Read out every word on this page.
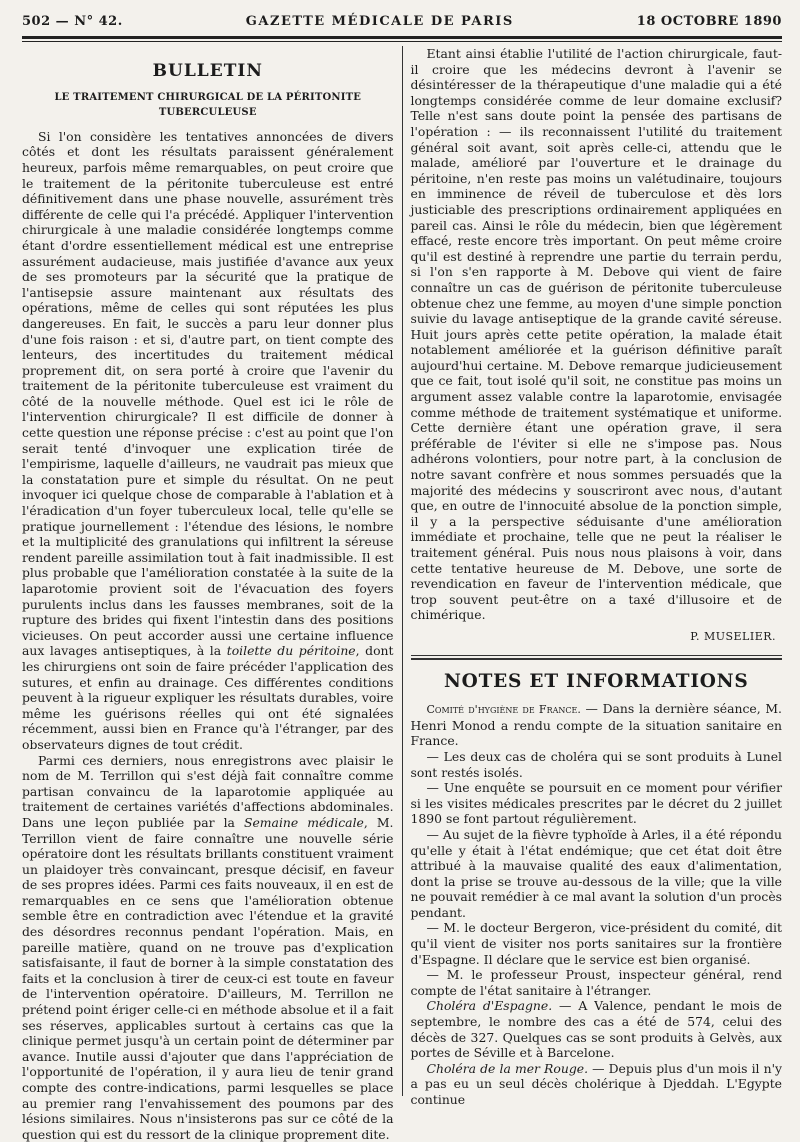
502 — N° 42.	GAZETTE MÉDICALE DE PARIS	18 OCTOBRE 1890
BULLETIN
LE TRAITEMENT CHIRURGICAL DE LA PÉRITONITE TUBERCULEUSE

Si l'on considère les tentatives annoncées de divers côtés et dont les résultats paraissent généralement heureux, parfois même remarquables, on peut croire que le traitement de la péritonite tuberculeuse est entré définitivement dans une phase nouvelle, assurément très différente de celle qui l'a précédé. Appliquer l'intervention chirurgicale à une maladie considérée longtemps comme étant d'ordre essentiellement médical est une entreprise assurément audacieuse, mais justifiée d'avance aux yeux de ses promoteurs par la sécurité que la pratique de l'antisepsie assure maintenant aux résultats des opérations, même de celles qui sont réputées les plus dangereuses. En fait, le succès a paru leur donner plus d'une fois raison : et si, d'autre part, on tient compte des lenteurs, des incertitudes du traitement médical proprement dit, on sera porté à croire que l'avenir du traitement de la péritonite tuberculeuse est vraiment du côté de la nouvelle méthode. Quel est ici le rôle de l'intervention chirurgicale? Il est difficile de donner à cette question une réponse précise : c'est au point que l'on serait tenté d'invoquer une explication tirée de l'empirisme, laquelle d'ailleurs, ne vaudrait pas mieux que la constatation pure et simple du résultat. On ne peut invoquer ici quelque chose de comparable à l'ablation et à l'éradication d'un foyer tuberculeux local, telle qu'elle se pratique journellement : l'étendue des lésions, le nombre et la multiplicité des granulations qui infiltrent la séreuse rendent pareille assimilation tout à fait inadmissible. Il est plus probable que l'amélioration constatée à la suite de la laparotomie provient soit de l'évacuation des foyers purulents inclus dans les fausses membranes, soit de la rupture des brides qui fixent l'intestin dans des positions vicieuses. On peut accorder aussi une certaine influence aux lavages antiseptiques, à la toilette du péritoine, dont les chirurgiens ont soin de faire précéder l'application des sutures, et enfin au drainage. Ces différentes conditions peuvent à la rigueur expliquer les résultats durables, voire même les guérisons réelles qui ont été signalées récemment, aussi bien en France qu'à l'étranger, par des observateurs dignes de tout crédit.

Parmi ces derniers, nous enregistrons avec plaisir le nom de M. Terrillon qui s'est déjà fait connaître comme partisan convaincu de la laparotomie appliquée au traitement de certaines variétés d'affections abdominales. Dans une leçon publiée par la Semaine médicale, M. Terrillon vient de faire connaître une nouvelle série opératoire dont les résultats brillants constituent vraiment un plaidoyer très convaincant, presque décisif, en faveur de ses propres idées. Parmi ces faits nouveaux, il en est de remarquables en ce sens que l'amélioration obtenue semble être en contradiction avec l'étendue et la gravité des désordres reconnus pendant l'opération. Mais, en pareille matière, quand on ne trouve pas d'explication satisfaisante, il faut de borner à la simple constatation des faits et la conclusion à tirer de ceux-ci est toute en faveur de l'intervention opératoire. D'ailleurs, M. Terrillon ne prétend point ériger celle-ci en méthode absolue et il a fait ses réserves, applicables surtout à certains cas que la clinique permet jusqu'à un certain point de déterminer par avance. Inutile aussi d'ajouter que dans l'appréciation de l'opportunité de l'opération, il y aura lieu de tenir grand compte des contre-indications, parmi lesquelles se place au premier rang l'envahissement des poumons par des lésions similaires. Nous n'insisterons pas sur ce côté de la question qui est du ressort de la clinique proprement dite.

Etant ainsi établie l'utilité de l'action chirurgicale, faut-il croire que les médecins devront à l'avenir se désintéresser de la thérapeutique d'une maladie qui a été longtemps considérée comme de leur domaine exclusif? Telle n'est sans doute point la pensée des partisans de l'opération : — ils reconnaissent l'utilité du traitement général soit avant, soit après celle-ci, attendu que le malade, amélioré par l'ouverture et le drainage du péritoine, n'en reste pas moins un valétudinaire, toujours en imminence de réveil de tuberculose et dès lors justiciable des prescriptions ordinairement appliquées en pareil cas. Ainsi le rôle du médecin, bien que légèrement effacé, reste encore très important. On peut même croire qu'il est destiné à reprendre une partie du terrain perdu, si l'on s'en rapporte à M. Debove qui vient de faire connaître un cas de guérison de péritonite tuberculeuse obtenue chez une femme, au moyen d'une simple ponction suivie du lavage antiseptique de la grande cavité séreuse. Huit jours après cette petite opération, la malade était notablement améliorée et la guérison définitive paraît aujourd'hui certaine. M. Debove remarque judicieusement que ce fait, tout isolé qu'il soit, ne constitue pas moins un argument assez valable contre la laparotomie, envisagée comme méthode de traitement systématique et uniforme. Cette dernière étant une opération grave, il sera préférable de l'éviter si elle ne s'impose pas. Nous adhérons volontiers, pour notre part, à la conclusion de notre savant confrère et nous sommes persuadés que la majorité des médecins y souscriront avec nous, d'autant que, en outre de l'innocuité absolue de la ponction simple, il y a la perspective séduisante d'une amélioration immédiate et prochaine, telle que ne peut la réaliser le traitement général. Puis nous nous plaisons à voir, dans cette tentative heureuse de M. Debove, une sorte de revendication en faveur de l'intervention médicale, que trop souvent peut-être on a taxé d'illusoire et de chimérique.

P. MUSELIER.
NOTES ET INFORMATIONS

Comité d'hygiène de France. — Dans la dernière séance, M. Henri Monod a rendu compte de la situation sanitaire en France.

— Les deux cas de choléra qui se sont produits à Lunel sont restés isolés.

— Une enquête se poursuit en ce moment pour vérifier si les visites médicales prescrites par le décret du 2 juillet 1890 se font partout régulièrement.

— Au sujet de la fièvre typhoïde à Arles, il a été répondu qu'elle y était à l'état endémique; que cet état doit être attribué à la mauvaise qualité des eaux d'alimentation, dont la prise se trouve au-dessous de la ville; que la ville ne pouvait remédier à ce mal avant la solution d'un procès pendant.

— M. le docteur Bergeron, vice-président du comité, dit qu'il vient de visiter nos ports sanitaires sur la frontière d'Espagne. Il déclare que le service est bien organisé.

— M. le professeur Proust, inspecteur général, rend compte de l'état sanitaire à l'étranger.

Choléra d'Espagne. — A Valence, pendant le mois de septembre, le nombre des cas a été de 574, celui des décès de 327. Quelques cas se sont produits à Gelvès, aux portes de Séville et à Barcelone.

Choléra de la mer Rouge. — Depuis plus d'un mois il n'y a pas eu un seul décès cholérique à Djeddah. L'Egypte continue
